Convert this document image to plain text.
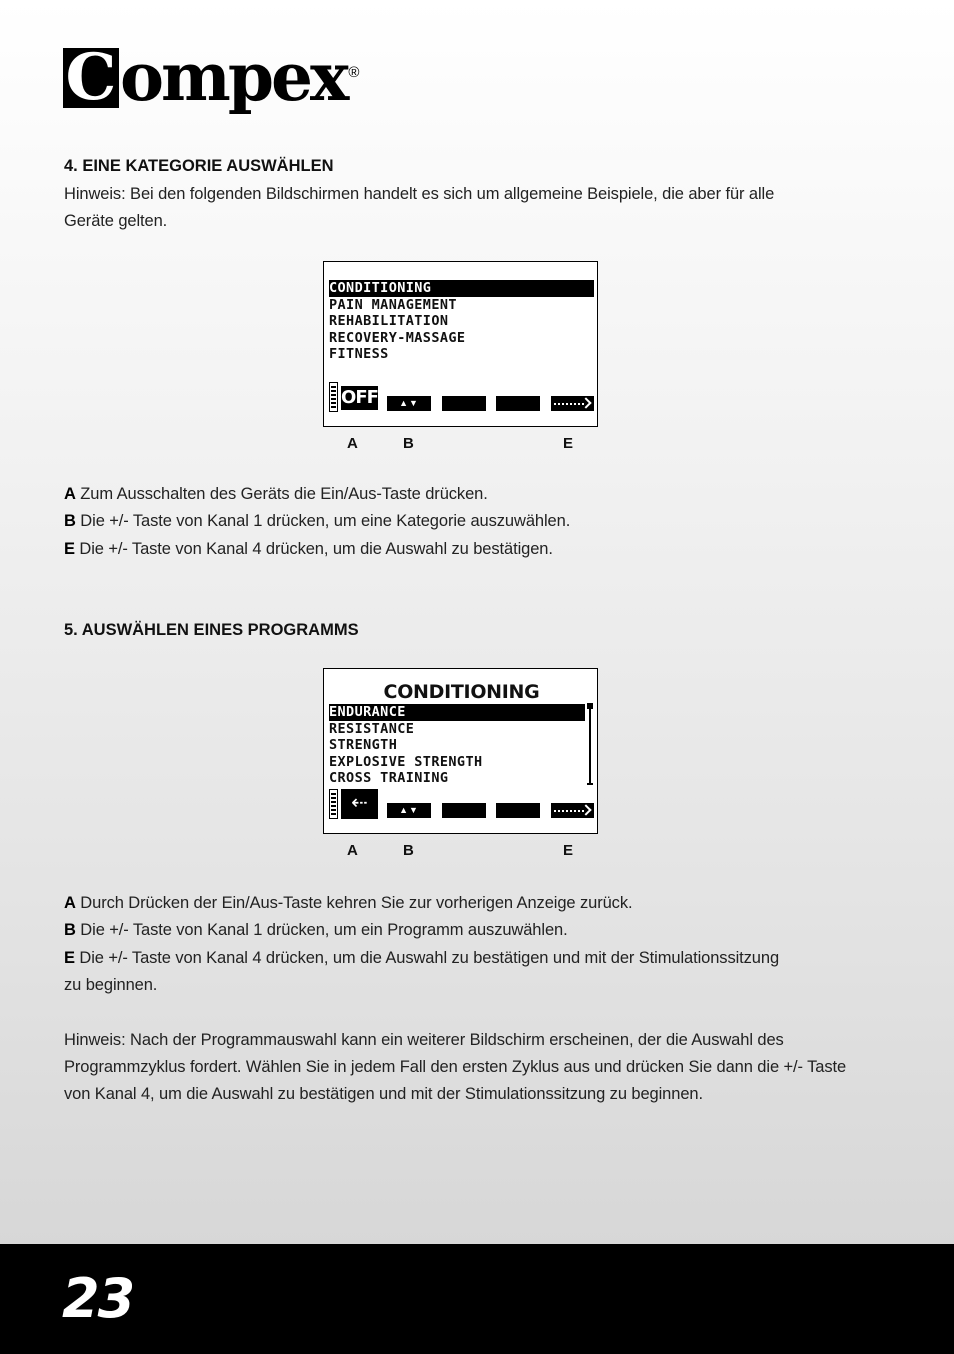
C ompex ®
4. EINE KATEGORIE AUSWÄHLEN

Hinweis: Bei den folgenden Bildschirmen handelt es sich um allgemeine Beispiele, die aber für alle

Geräte gelten.

CONDITIONING
PAIN MANAGEMENT
REHABILITATION
RECOVERY-MASSAGE
FITNESS
OFF	▲▼
A	B	E

A Zum Ausschalten des Geräts die Ein/Aus-Taste drücken.

B Die +/- Taste von Kanal 1 drücken, um eine Kategorie auszuwählen.

E Die +/- Taste von Kanal 4 drücken, um die Auswahl zu bestätigen.

5. AUSWÄHLEN EINES PROGRAMMS
CONDITIONING
ENDURANCE
RESISTANCE
STRENGTH
EXPLOSIVE STRENGTH
CROSS TRAINING
⇠	▲▼
A	B	E

A Durch Drücken der Ein/Aus-Taste kehren Sie zur vorherigen Anzeige zurück.

B Die +/- Taste von Kanal 1 drücken, um ein Programm auszuwählen.

E Die +/- Taste von Kanal 4 drücken, um die Auswahl zu bestätigen und mit der Stimulationssitzung

zu beginnen.

Hinweis: Nach der Programmauswahl kann ein weiterer Bildschirm erscheinen, der die Auswahl des

Programmzyklus fordert. Wählen Sie in jedem Fall den ersten Zyklus aus und drücken Sie dann die +/- Taste

von Kanal 4, um die Auswahl zu bestätigen und mit der Stimulationssitzung zu beginnen.

23
